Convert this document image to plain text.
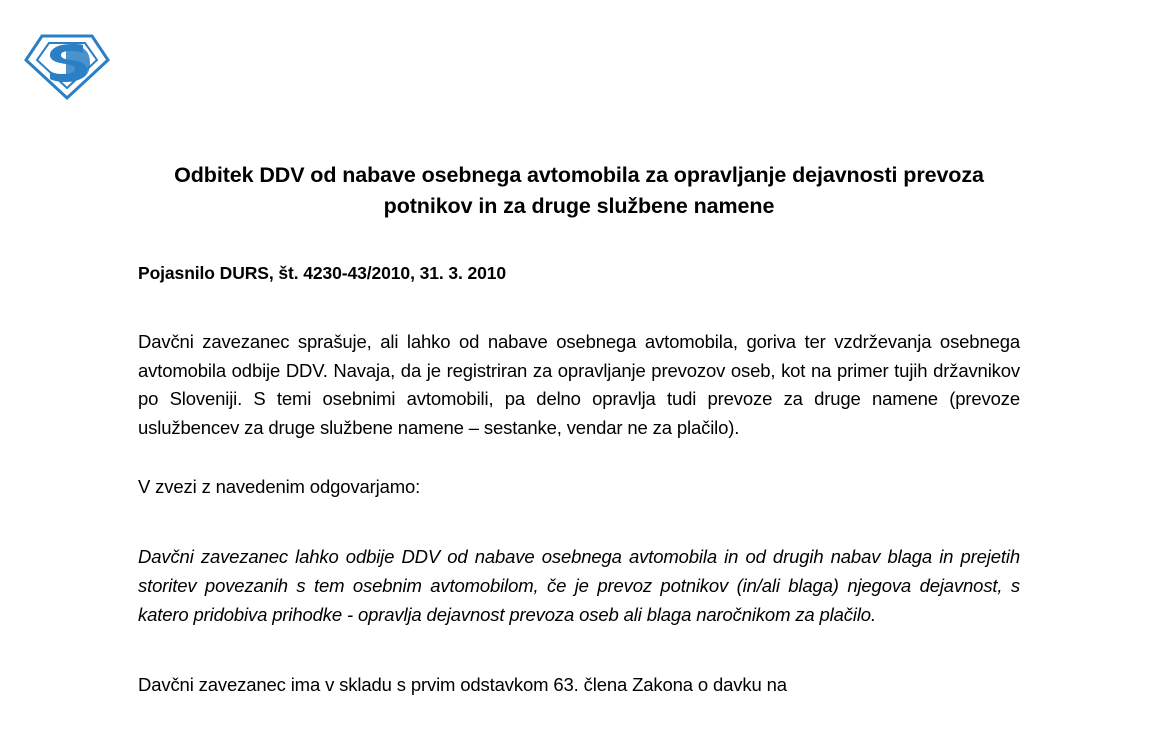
Odbitek DDV od nabave osebnega avtomobila za opravljanje dejavnosti prevoza potnikov in za druge službene namene
Pojasnilo DURS, št. 4230-43/2010, 31. 3. 2010

Davčni zavezanec sprašuje, ali lahko od nabave osebnega avtomobila, goriva ter vzdrževanja osebnega avtomobila odbije DDV. Navaja, da je registriran za opravljanje prevozov oseb, kot na primer tujih državnikov po Sloveniji. S temi osebnimi avtomobili, pa delno opravlja tudi prevoze za druge namene (prevoze uslužbencev za druge službene namene – sestanke, vendar ne za plačilo).

V zvezi z navedenim odgovarjamo:

Davčni zavezanec lahko odbije DDV od nabave osebnega avtomobila in od drugih nabav blaga in prejetih storitev povezanih s tem osebnim avtomobilom, če je prevoz potnikov (in/ali blaga) njegova dejavnost, s katero pridobiva prihodke - opravlja dejavnost prevoza oseb ali blaga naročnikom za plačilo.

Davčni zavezanec ima v skladu s prvim odstavkom 63. člena Zakona o davku na
